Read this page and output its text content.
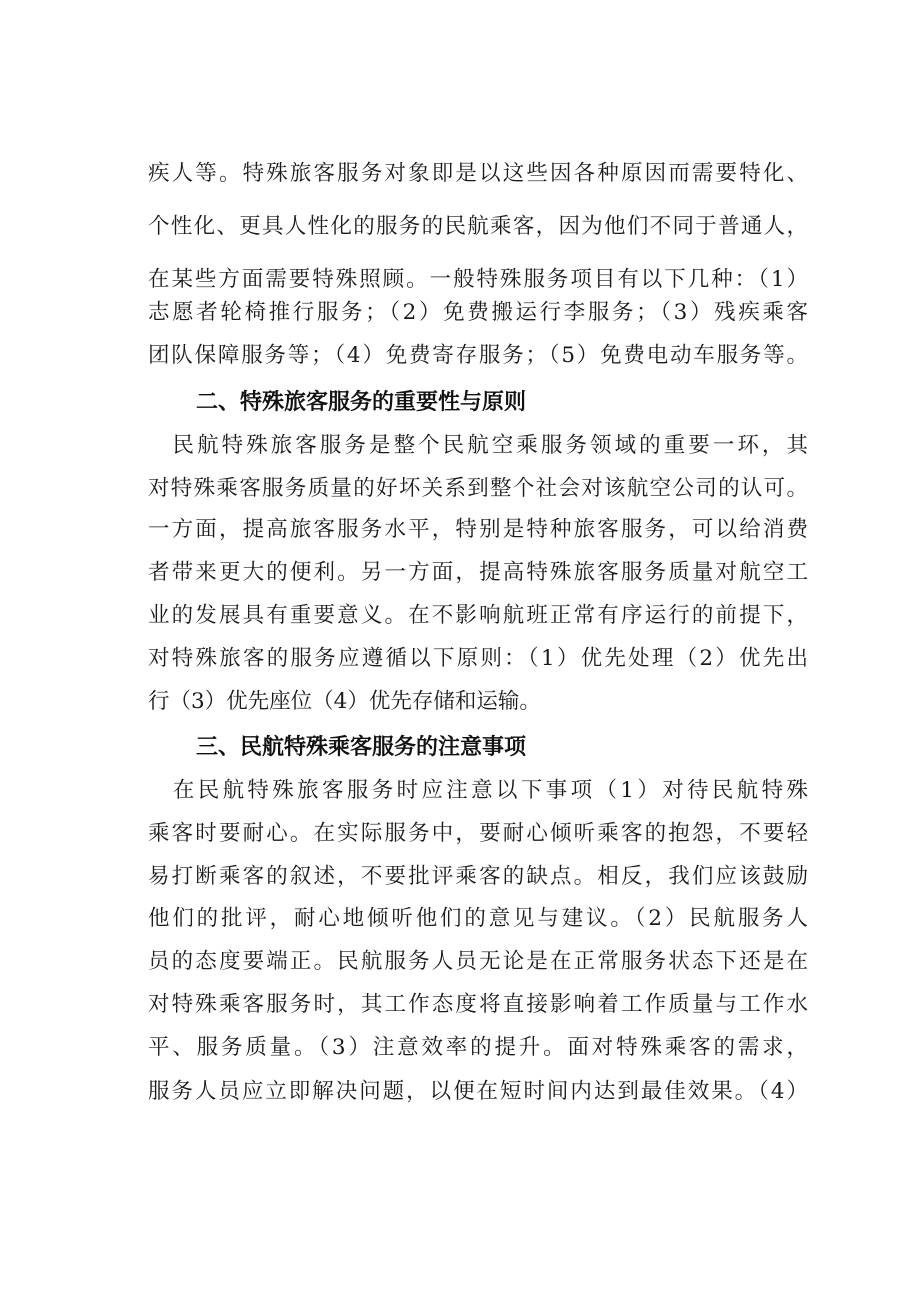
疾人等。特殊旅客服务对象即是以这些因各种原因而需要特化、
个性化、更具人性化的服务的民航乘客，因为他们不同于普通人，
在某些方面需要特殊照顾。一般特殊服务项目有以下几种：（1）
志愿者轮椅推行服务；（2）免费搬运行李服务；（3）残疾乘客
团队保障服务等；（4）免费寄存服务；（5）免费电动车服务等。
二、特殊旅客服务的重要性与原则
　民航特殊旅客服务是整个民航空乘服务领域的重要一环，其
对特殊乘客服务质量的好坏关系到整个社会对该航空公司的认可。
一方面，提高旅客服务水平，特别是特种旅客服务，可以给消费
者带来更大的便利。另一方面，提高特殊旅客服务质量对航空工
业的发展具有重要意义。在不影响航班正常有序运行的前提下，
对特殊旅客的服务应遵循以下原则：（1）优先处理（2）优先出
行（3）优先座位（4）优先存储和运输。
三、民航特殊乘客服务的注意事项
　在民航特殊旅客服务时应注意以下事项（1）对待民航特殊
乘客时要耐心。在实际服务中，要耐心倾听乘客的抱怨，不要轻
易打断乘客的叙述，不要批评乘客的缺点。相反，我们应该鼓励
他们的批评，耐心地倾听他们的意见与建议。（2）民航服务人
员的态度要端正。民航服务人员无论是在正常服务状态下还是在
对特殊乘客服务时，其工作态度将直接影响着工作质量与工作水
平、服务质量。（3）注意效率的提升。面对特殊乘客的需求，
服务人员应立即解决问题，以便在短时间内达到最佳效果。（4）
